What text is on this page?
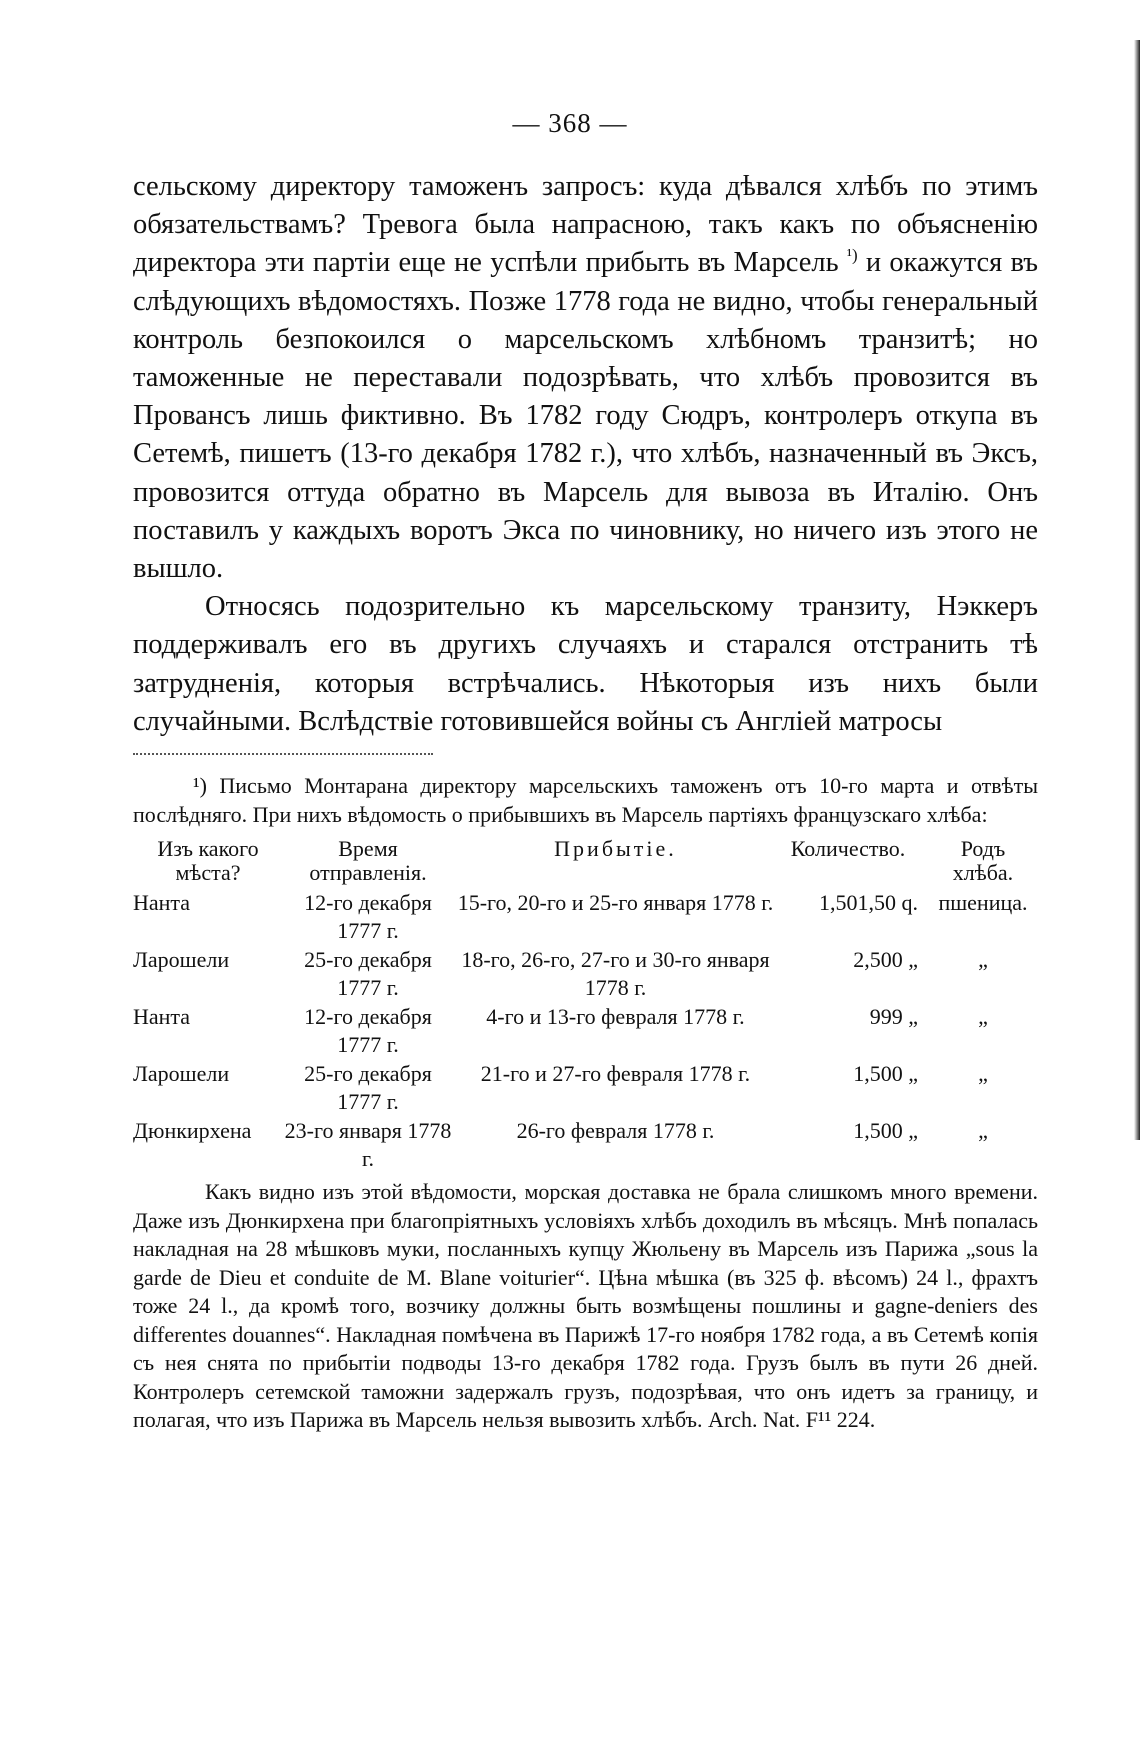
— 368 —

сельскому директору таможенъ запросъ: куда дѣвался хлѣбъ по этимъ обязательствамъ? Тревога была напрасною, такъ какъ по объясненію директора эти партіи еще не успѣли прибыть въ Марсель $^{^1)}$ и окажутся въ слѣдующихъ вѣдомостяхъ. Позже 1778 года не видно, чтобы генеральный контроль безпокоился о марсельскомъ хлѣбномъ транзитѣ; но таможенные не переставали подозрѣвать, что хлѣбъ провозится въ Провансъ лишь фиктивно. Въ 1782 году Сюдръ, контролеръ откупа въ Сетемѣ, пишетъ (13-го декабря 1782 г.), что хлѣбъ, назначенный въ Эксъ, провозится оттуда обратно въ Марсель для вывоза въ Италію. Онъ поставилъ у каждыхъ воротъ Экса по чиновнику, но ничего изъ этого не вышло.

Относясь подозрительно къ марсельскому транзиту, Нэккеръ поддерживалъ его въ другихъ случаяхъ и старался отстранить тѣ затрудненія, которыя встрѣчались. Нѣкоторыя изъ нихъ были случайными. Вслѣдствіе готовившейся войны съ Англіей матросы

¹) Письмо Монтарана директору марсельскихъ таможенъ отъ 10-го марта и отвѣты послѣдняго. При нихъ вѣдомость о прибывшихъ въ Марсель партіяхъ французскаго хлѣба:

Изъ какого мѣста?	Время отправленія.	Прибытіе.	Количество.	Родъ хлѣба.
Нанта	12-го декабря 1777 г.	15-го, 20-го и 25-го января 1778 г.	1,501,50 q.	пшеница.
Ларошели	25-го декабря 1777 г.	18-го, 26-го, 27-го и 30-го января 1778 г.	2,500 „	„
Нанта	12-го декабря 1777 г.	4-го и 13-го февраля 1778 г.	999 „	„
Ларошели	25-го декабря 1777 г.	21-го и 27-го февраля 1778 г.	1,500 „	„
Дюнкирхена	23-го января 1778 г.	26-го февраля 1778 г.	1,500 „	„

Какъ видно изъ этой вѣдомости, морская доставка не брала слишкомъ много времени. Даже изъ Дюнкирхена при благопріятныхъ условіяхъ хлѣбъ доходилъ въ мѣсяцъ. Мнѣ попалась накладная на 28 мѣшковъ муки, посланныхъ купцу Жюльену въ Марсель изъ Парижа „sous la garde de Dieu et conduite de M. Blane voiturier“. Цѣна мѣшка (въ 325 ф. вѣсомъ) 24 l., фрахтъ тоже 24 l., да кромѣ того, возчику должны быть возмѣщены пошлины и gagne-deniers des differentes douannes“. Накладная помѣчена въ Парижѣ 17-го ноября 1782 года, а въ Сетемѣ копія съ нея снята по прибытіи подводы 13-го декабря 1782 года. Грузъ былъ въ пути 26 дней. Контролеръ сетемской таможни задержалъ грузъ, подозрѣвая, что онъ идетъ за границу, и полагая, что изъ Парижа въ Марсель нельзя вывозить хлѣбъ. Arch. Nat. F¹¹ 224.
